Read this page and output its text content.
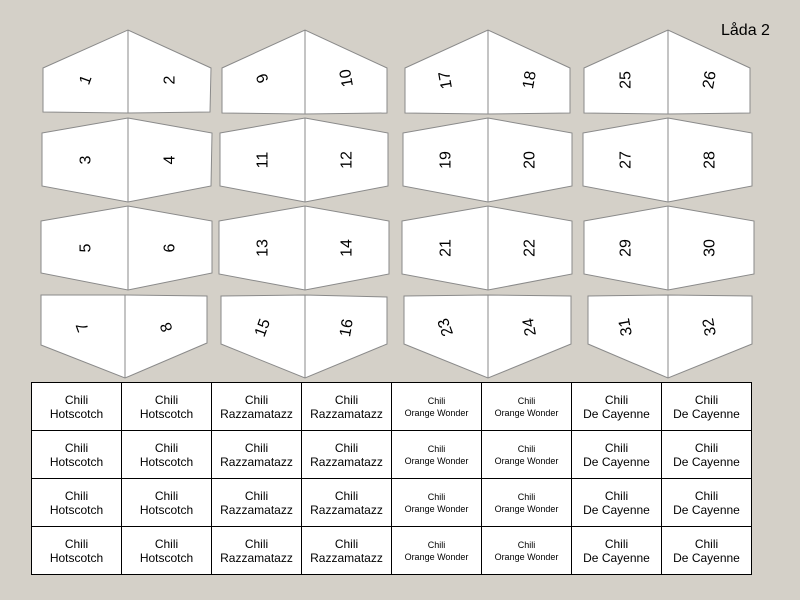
Låda 2
1	2
3	4
5	6
7	8
9	10
11	12
13	14
15	16
17	18
19	20
21	22
23	24
25	26
27	28
29	30
31	32
Chili
Hotscotch	Chili
Hotscotch	Chili
Razzamatazz	Chili
Razzamatazz	Chili
Orange Wonder	Chili
Orange Wonder	Chili
De Cayenne	Chili
De Cayenne

Chili
Hotscotch	Chili
Hotscotch	Chili
Razzamatazz	Chili
Razzamatazz	Chili
Orange Wonder	Chili
Orange Wonder	Chili
De Cayenne	Chili
De Cayenne

Chili
Hotscotch	Chili
Hotscotch	Chili
Razzamatazz	Chili
Razzamatazz	Chili
Orange Wonder	Chili
Orange Wonder	Chili
De Cayenne	Chili
De Cayenne

Chili
Hotscotch	Chili
Hotscotch	Chili
Razzamatazz	Chili
Razzamatazz	Chili
Orange Wonder	Chili
Orange Wonder	Chili
De Cayenne	Chili
De Cayenne
